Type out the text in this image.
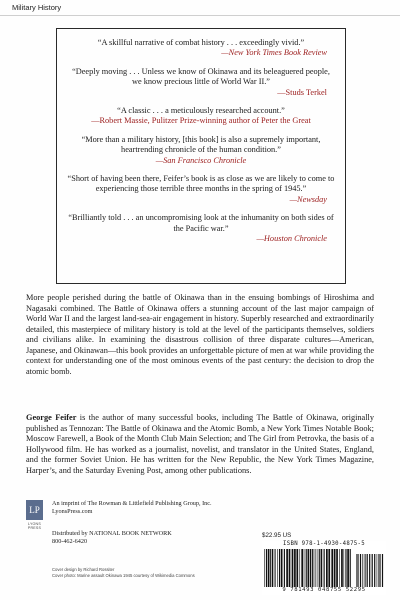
Military History
“A skillful narrative of combat history . . . exceedingly vivid.”
—New York Times Book Review
“Deeply moving . . . Unless we know of Okinawa and its beleaguered people, we know precious little of World War II.”
—Studs Terkel
“A classic . . . a meticulously researched account.”
—Robert Massie, Pulitzer Prize-winning author of Peter the Great
“More than a military history, [this book] is also a supremely important, heartrending chronicle of the human condition.”
—San Francisco Chronicle
“Short of having been there, Feifer’s book is as close as we are likely to come to experiencing those terrible three months in the spring of 1945.”
—Newsday
“Brilliantly told . . . an uncompromising look at the inhumanity on both sides of the Pacific war.”
—Houston Chronicle

More people perished during the battle of Okinawa than in the ensuing bombings of Hiroshima and Nagasaki combined. The Battle of Okinawa offers a stunning account of the last major campaign of World War II and the largest land-sea-air engagement in history. Superbly researched and extraordinarily detailed, this masterpiece of military history is told at the level of the participants themselves, soldiers and civilians alike. In examining the disastrous collision of three disparate cultures—American, Japanese, and Okinawan—this book provides an unforgettable picture of men at war while providing the context for understanding one of the most ominous events of the past century: the decision to drop the atomic bomb.

George Feifer is the author of many successful books, including The Battle of Okinawa, originally published as Tennozan: The Battle of Okinawa and the Atomic Bomb, a New York Times Notable Book; Moscow Farewell, a Book of the Month Club Main Selection; and The Girl from Petrovka, the basis of a Hollywood film. He has worked as a journalist, novelist, and translator in the United States, England, and the former Soviet Union. He has written for the New Republic, the New York Times Magazine, Harper’s, and the Saturday Evening Post, among other publications.

LP
LYONS PRESS
An imprint of The Rowman & Littlefield Publishing Group, Inc.
LyonsPress.com
Distributed by NATIONAL BOOK NETWORK
800-462-6420
Cover design by Richard Rossiter
Cover photo: Marine assault Okinawa 1945 courtesy of Wikimedia Commons
$22.95 US
ISBN 978-1-4930-4875-5
9 781493 048755 52295
